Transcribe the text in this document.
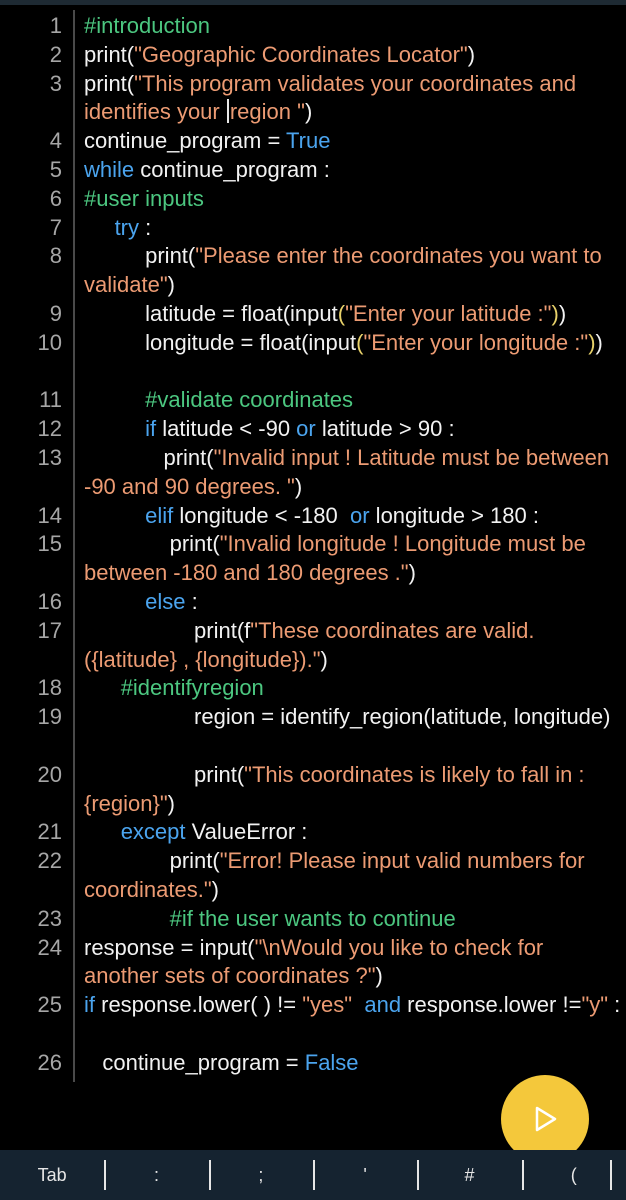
1 #introduction
2 print("Geographic Coordinates Locator")
3 print("This program validates your coordinates and identifies your region ")
4 continue_program = True
5 while continue_program :
6 #user inputs
7	try :
8 print("Please enter the coordinates you want to validate")
9 latitude = float(input("Enter your latitude :"))
10 longitude = float(input("Enter your longitude :"))
11	#validate coordinates
12	if latitude < -90 or latitude > 90 :
13 print("Invalid input ! Latitude must be between -90 and 90 degrees. ")
14	elif longitude < -180  or longitude > 180 :
15 print("Invalid longitude ! Longitude must be between -180 and 180 degrees .")
16	else :
17 print(f"These coordinates are valid. ({latitude} , {longitude}).")
18	#identifyregion
19 region = identify_region(latitude, longitude)
20 print("This coordinates is likely to fall in : {region}")
21	except ValueError :
22 print("Error! Please input valid numbers for  coordinates.")
23	#if the user wants to continue
24 response = input("\nWould you like to check for another sets of coordinates ?")
25 if response.lower( ) != "yes" and response.lower !="y" :
26 continue_program = False
Tab	:	;	'	#	(
